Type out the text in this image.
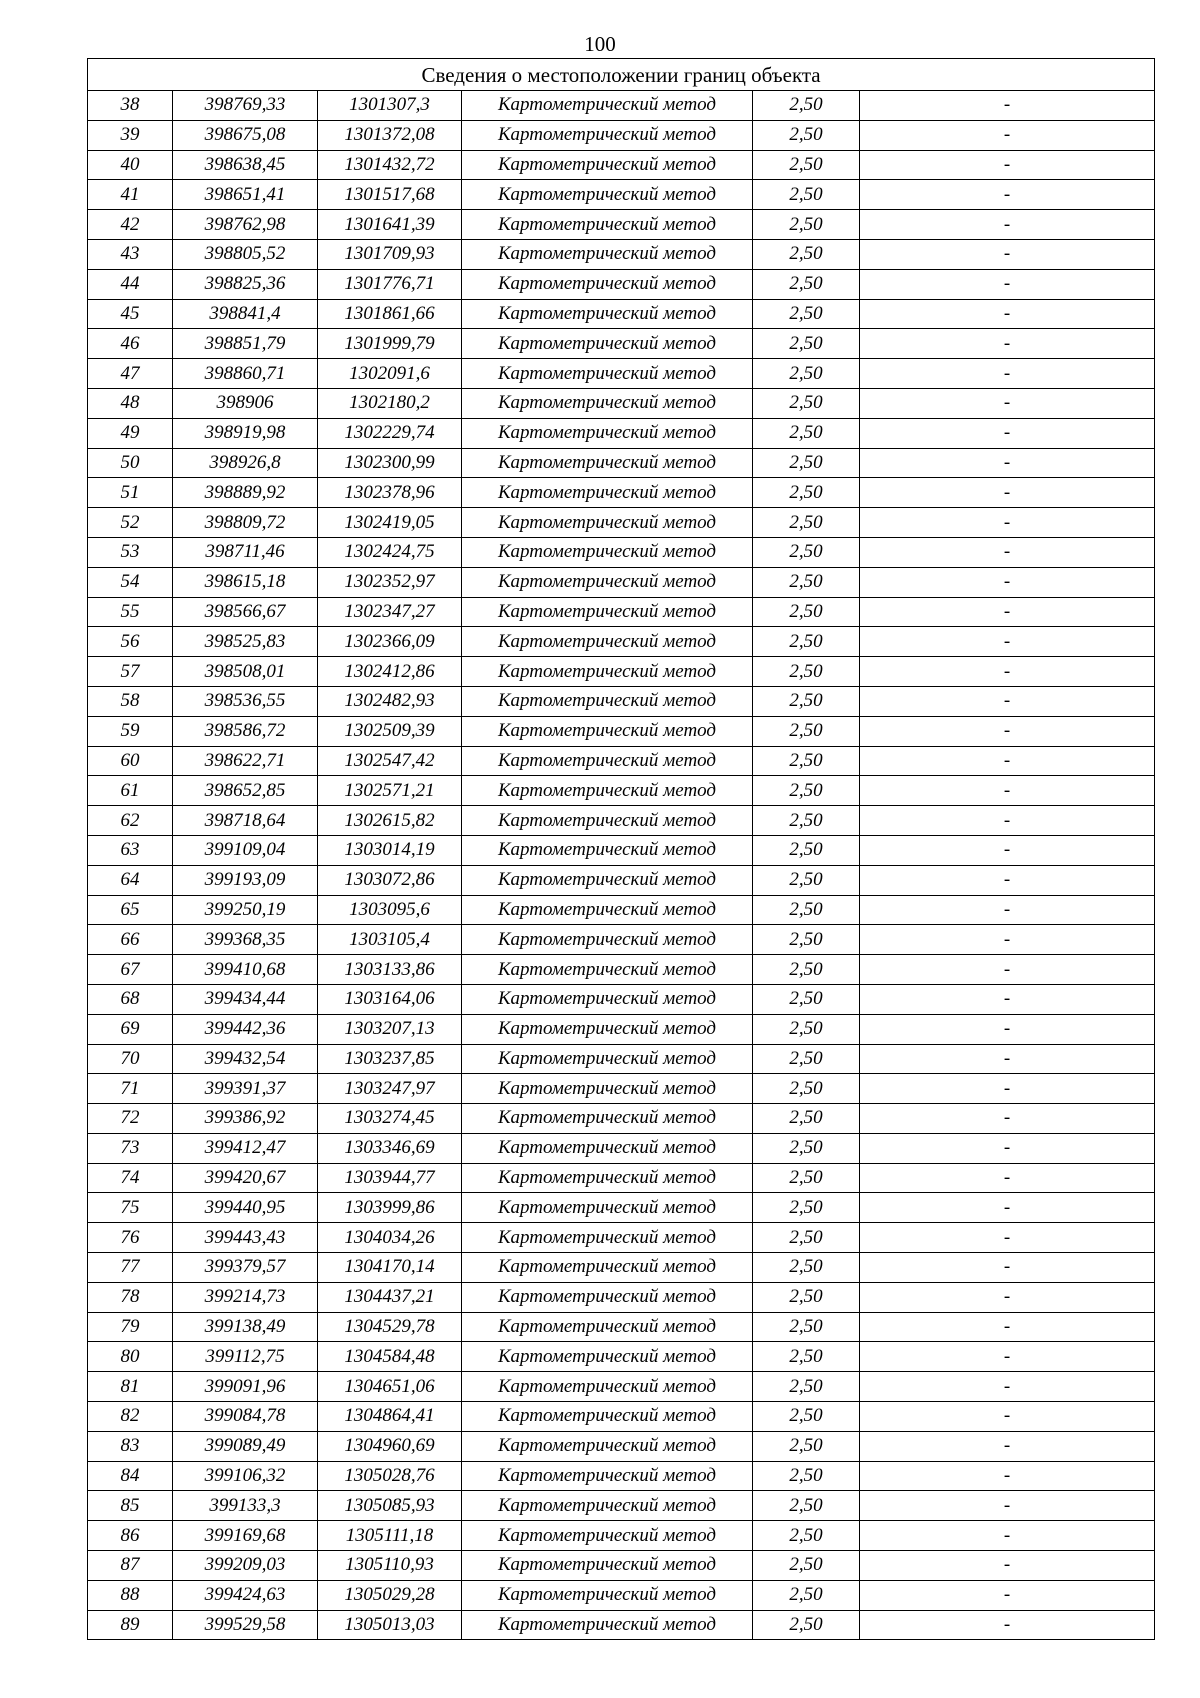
100
Сведения о местоположении границ объекта					
38	398769,33	1301307,3	Картометрический метод	2,50	-
39	398675,08	1301372,08	Картометрический метод	2,50	-
40	398638,45	1301432,72	Картометрический метод	2,50	-
41	398651,41	1301517,68	Картометрический метод	2,50	-
42	398762,98	1301641,39	Картометрический метод	2,50	-
43	398805,52	1301709,93	Картометрический метод	2,50	-
44	398825,36	1301776,71	Картометрический метод	2,50	-
45	398841,4	1301861,66	Картометрический метод	2,50	-
46	398851,79	1301999,79	Картометрический метод	2,50	-
47	398860,71	1302091,6	Картометрический метод	2,50	-
48	398906	1302180,2	Картометрический метод	2,50	-
49	398919,98	1302229,74	Картометрический метод	2,50	-
50	398926,8	1302300,99	Картометрический метод	2,50	-
51	398889,92	1302378,96	Картометрический метод	2,50	-
52	398809,72	1302419,05	Картометрический метод	2,50	-
53	398711,46	1302424,75	Картометрический метод	2,50	-
54	398615,18	1302352,97	Картометрический метод	2,50	-
55	398566,67	1302347,27	Картометрический метод	2,50	-
56	398525,83	1302366,09	Картометрический метод	2,50	-
57	398508,01	1302412,86	Картометрический метод	2,50	-
58	398536,55	1302482,93	Картометрический метод	2,50	-
59	398586,72	1302509,39	Картометрический метод	2,50	-
60	398622,71	1302547,42	Картометрический метод	2,50	-
61	398652,85	1302571,21	Картометрический метод	2,50	-
62	398718,64	1302615,82	Картометрический метод	2,50	-
63	399109,04	1303014,19	Картометрический метод	2,50	-
64	399193,09	1303072,86	Картометрический метод	2,50	-
65	399250,19	1303095,6	Картометрический метод	2,50	-
66	399368,35	1303105,4	Картометрический метод	2,50	-
67	399410,68	1303133,86	Картометрический метод	2,50	-
68	399434,44	1303164,06	Картометрический метод	2,50	-
69	399442,36	1303207,13	Картометрический метод	2,50	-
70	399432,54	1303237,85	Картометрический метод	2,50	-
71	399391,37	1303247,97	Картометрический метод	2,50	-
72	399386,92	1303274,45	Картометрический метод	2,50	-
73	399412,47	1303346,69	Картометрический метод	2,50	-
74	399420,67	1303944,77	Картометрический метод	2,50	-
75	399440,95	1303999,86	Картометрический метод	2,50	-
76	399443,43	1304034,26	Картометрический метод	2,50	-
77	399379,57	1304170,14	Картометрический метод	2,50	-
78	399214,73	1304437,21	Картометрический метод	2,50	-
79	399138,49	1304529,78	Картометрический метод	2,50	-
80	399112,75	1304584,48	Картометрический метод	2,50	-
81	399091,96	1304651,06	Картометрический метод	2,50	-
82	399084,78	1304864,41	Картометрический метод	2,50	-
83	399089,49	1304960,69	Картометрический метод	2,50	-
84	399106,32	1305028,76	Картометрический метод	2,50	-
85	399133,3	1305085,93	Картометрический метод	2,50	-
86	399169,68	1305111,18	Картометрический метод	2,50	-
87	399209,03	1305110,93	Картометрический метод	2,50	-
88	399424,63	1305029,28	Картометрический метод	2,50	-
89	399529,58	1305013,03	Картометрический метод	2,50	-
